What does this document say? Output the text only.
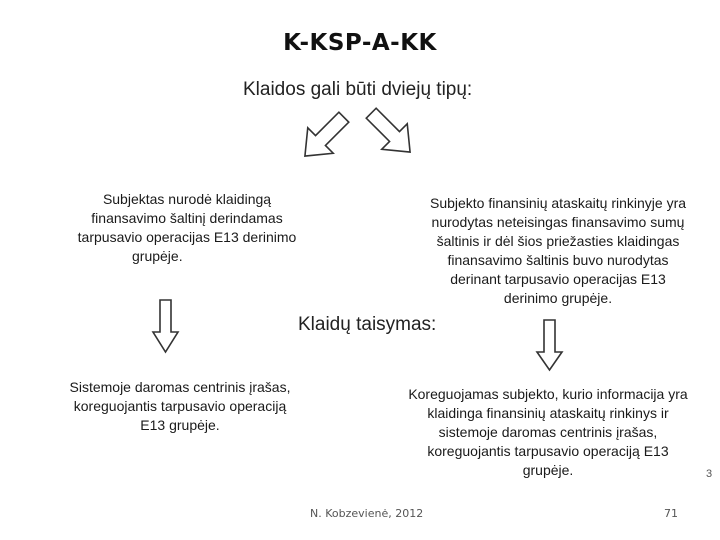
K-KSP-A-KK
Klaidos gali būti dviejų tipų:
Subjektas nurodė klaidingą
finansavimo šaltinį derindamas
tarpusavio operacijas E13 derinimo
grupėje.
Subjekto finansinių ataskaitų rinkinyje yra
nurodytas neteisingas finansavimo sumų
šaltinis ir dėl šios priežasties klaidingas
finansavimo šaltinis buvo nurodytas
derinant tarpusavio operacijas E13
derinimo grupėje.
Klaidų taisymas:
Sistemoje daromas centrinis įrašas,
koreguojantis tarpusavio operaciją
E13 grupėje.
Koreguojamas subjekto, kurio informacija yra
klaidinga finansinių ataskaitų rinkinys ir
sistemoje daromas centrinis įrašas,
koreguojantis tarpusavio operaciją E13
grupėje.	3
N. Kobzevienė, 2012	71
